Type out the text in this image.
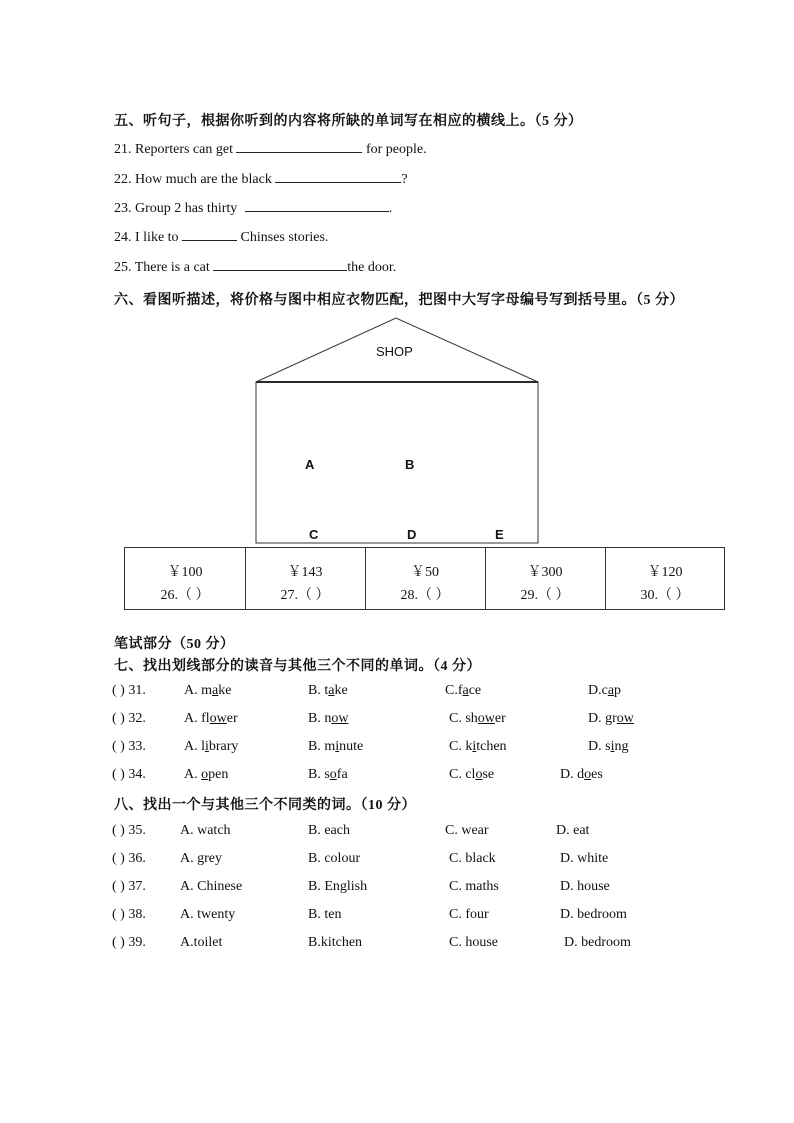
五、听句子，根据你听到的内容将所缺的单词写在相应的横线上。（5 分）
21. Reporters can get	for people.
22. How much are the black	?
23. Group 2 has thirty	.
24. I like to	Chinses stories.
25. There is a cat	the door.
六、看图听描述，将价格与图中相应衣物匹配，把图中大写字母编号写到括号里。（5 分）
SHOP
A	B
C	D	E
￥100	￥143	￥50	￥300	￥120
26.（ ）	27.（ ）	28.（ ）	29.（ ）	30.（ ）
笔试部分（50 分）
七、找出划线部分的读音与其他三个不同的单词。（4 分）
( ) 31.	A. make	B. take	C.face	D.cap
( ) 32.	A. flower	B. now	C. shower	D. grow
( ) 33.	A. library	B. minute	C. kitchen	D. sing
( ) 34.	A. open	B. sofa	C. close	D. does
八、找出一个与其他三个不同类的词。（10 分）
( ) 35. A. watch	B. each	C. wear	D. eat
( ) 36. A. grey	B. colour	C. black	D. white
( ) 37. A. Chinese	B. English	C. maths	D. house
( ) 38. A. twenty	B. ten	C. four	D. bedroom
( ) 39. A.toilet	B.kitchen	C. house	D. bedroom
